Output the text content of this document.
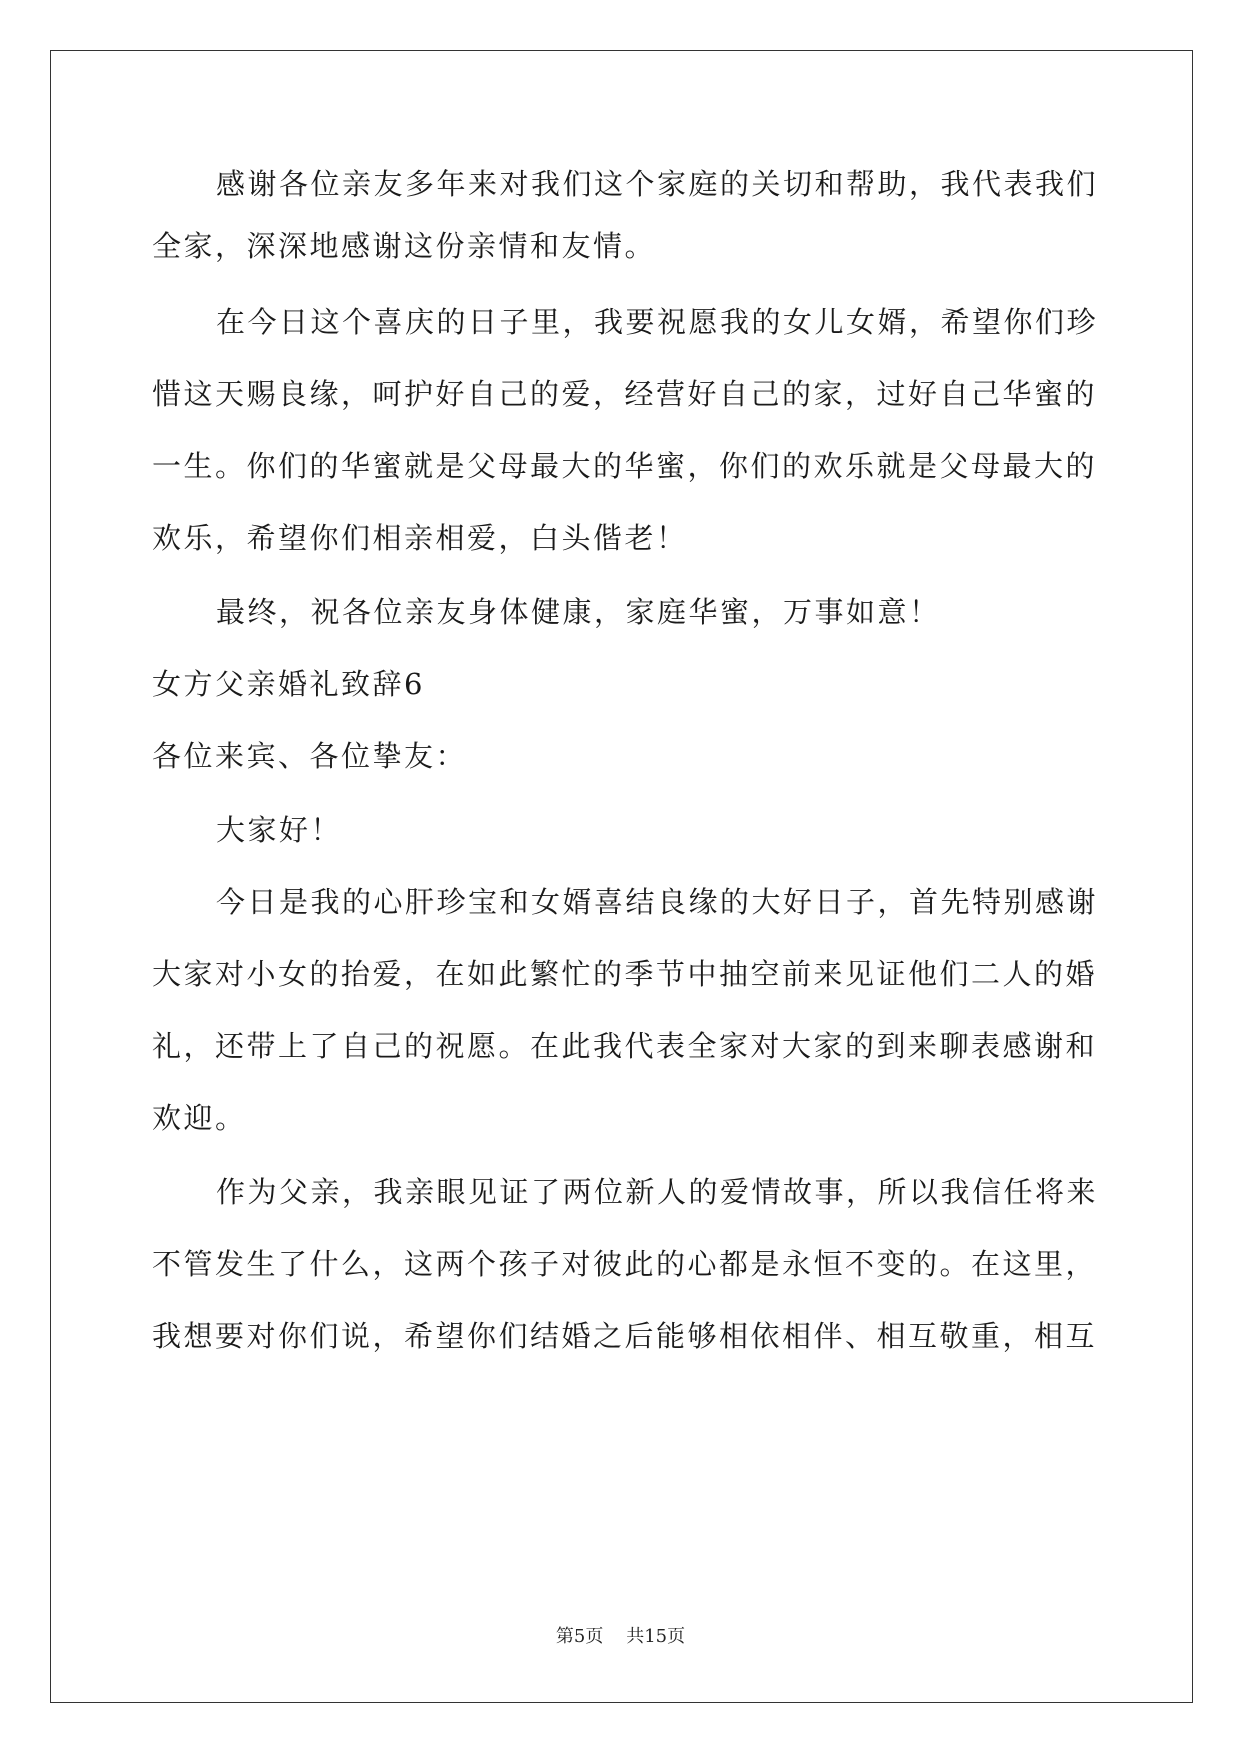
感谢各位亲友多年来对我们这个家庭的关切和帮助，我代表我们
全家，深深地感谢这份亲情和友情。
在今日这个喜庆的日子里，我要祝愿我的女儿女婿，希望你们珍
惜这天赐良缘，呵护好自己的爱，经营好自己的家，过好自己华蜜的
一生。你们的华蜜就是父母最大的华蜜，你们的欢乐就是父母最大的
欢乐，希望你们相亲相爱，白头偕老！
最终，祝各位亲友身体健康，家庭华蜜，万事如意！
女方父亲婚礼致辞6
各位来宾、各位挚友：
大家好！
今日是我的心肝珍宝和女婿喜结良缘的大好日子，首先特别感谢
大家对小女的抬爱，在如此繁忙的季节中抽空前来见证他们二人的婚
礼，还带上了自己的祝愿。在此我代表全家对大家的到来聊表感谢和
欢迎。
作为父亲，我亲眼见证了两位新人的爱情故事，所以我信任将来
不管发生了什么，这两个孩子对彼此的心都是永恒不变的。在这里，
我想要对你们说，希望你们结婚之后能够相依相伴、相互敬重，相互
第5页 共15页
